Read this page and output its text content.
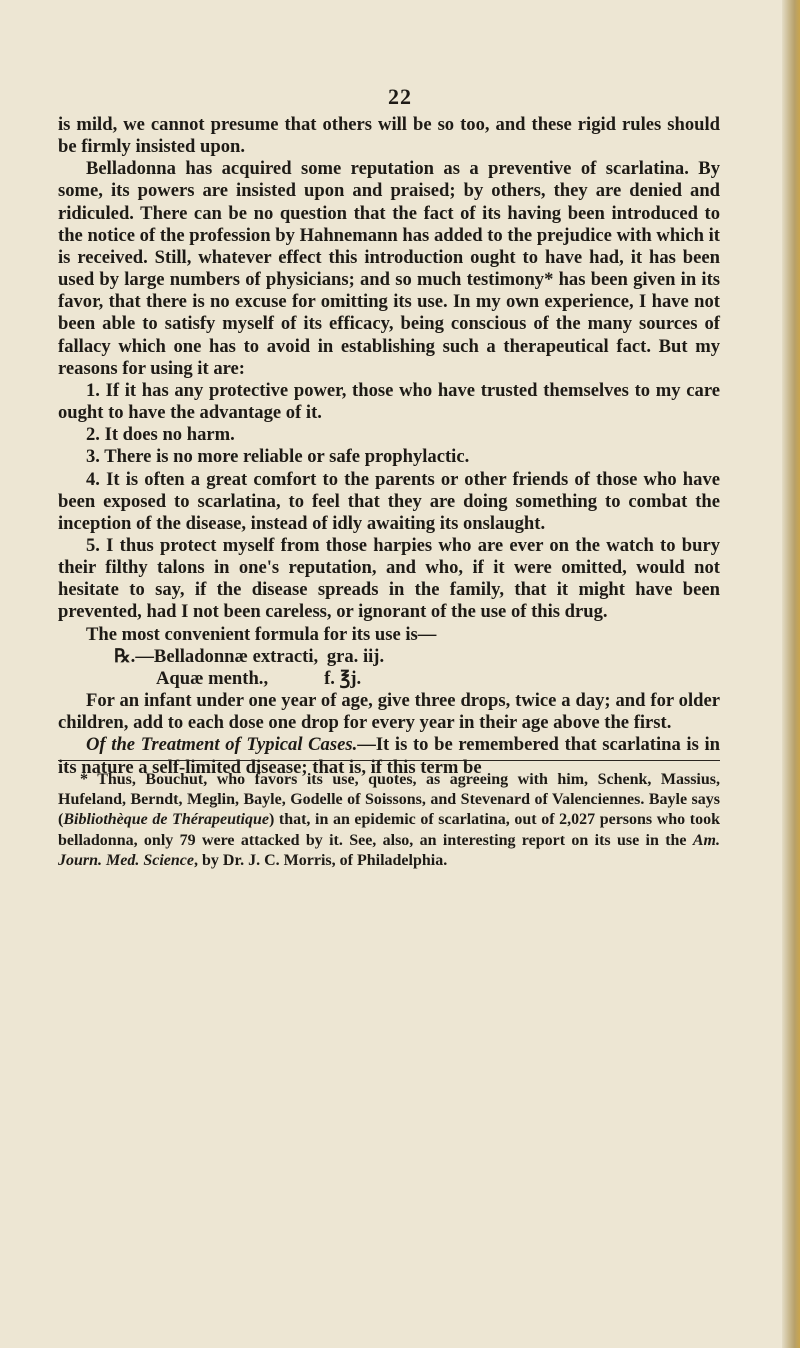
22

is mild, we cannot presume that others will be so too, and these rigid rules should be firmly insisted upon.

Belladonna has acquired some reputation as a preventive of scarlatina. By some, its powers are insisted upon and praised; by others, they are denied and ridiculed. There can be no question that the fact of its having been introduced to the notice of the profession by Hahnemann has added to the prejudice with which it is received. Still, whatever effect this introduction ought to have had, it has been used by large numbers of physicians; and so much testimony* has been given in its favor, that there is no excuse for omitting its use. In my own experience, I have not been able to satisfy myself of its efficacy, being conscious of the many sources of fallacy which one has to avoid in establishing such a therapeutical fact. But my reasons for using it are:

1. If it has any protective power, those who have trusted themselves to my care ought to have the advantage of it.

2. It does no harm.

3. There is no more reliable or safe prophylactic.

4. It is often a great comfort to the parents or other friends of those who have been exposed to scarlatina, to feel that they are doing something to combat the inception of the disease, instead of idly awaiting its onslaught.

5. I thus protect myself from those harpies who are ever on the watch to bury their filthy talons in one's reputation, and who, if it were omitted, would not hesitate to say, if the disease spreads in the family, that it might have been prevented, had I not been careless, or ignorant of the use of this drug.

The most convenient formula for its use is—

℞.—Belladonnæ extracti, gra. iij.

Aquæ menth.,	f. ℥j.

For an infant under one year of age, give three drops, twice a day; and for older children, add to each dose one drop for every year in their age above the first.

Of the Treatment of Typical Cases.—It is to be remembered that scarlatina is in its nature a self-limited disease; that is, if this term be

* Thus, Bouchut, who favors its use, quotes, as agreeing with him, Schenk, Massius, Hufeland, Berndt, Meglin, Bayle, Godelle of Soissons, and Stevenard of Valenciennes. Bayle says (Bibliothèque de Thérapeutique) that, in an epidemic of scarlatina, out of 2,027 persons who took belladonna, only 79 were attacked by it. See, also, an interesting report on its use in the Am. Journ. Med. Science, by Dr. J. C. Morris, of Philadelphia.
